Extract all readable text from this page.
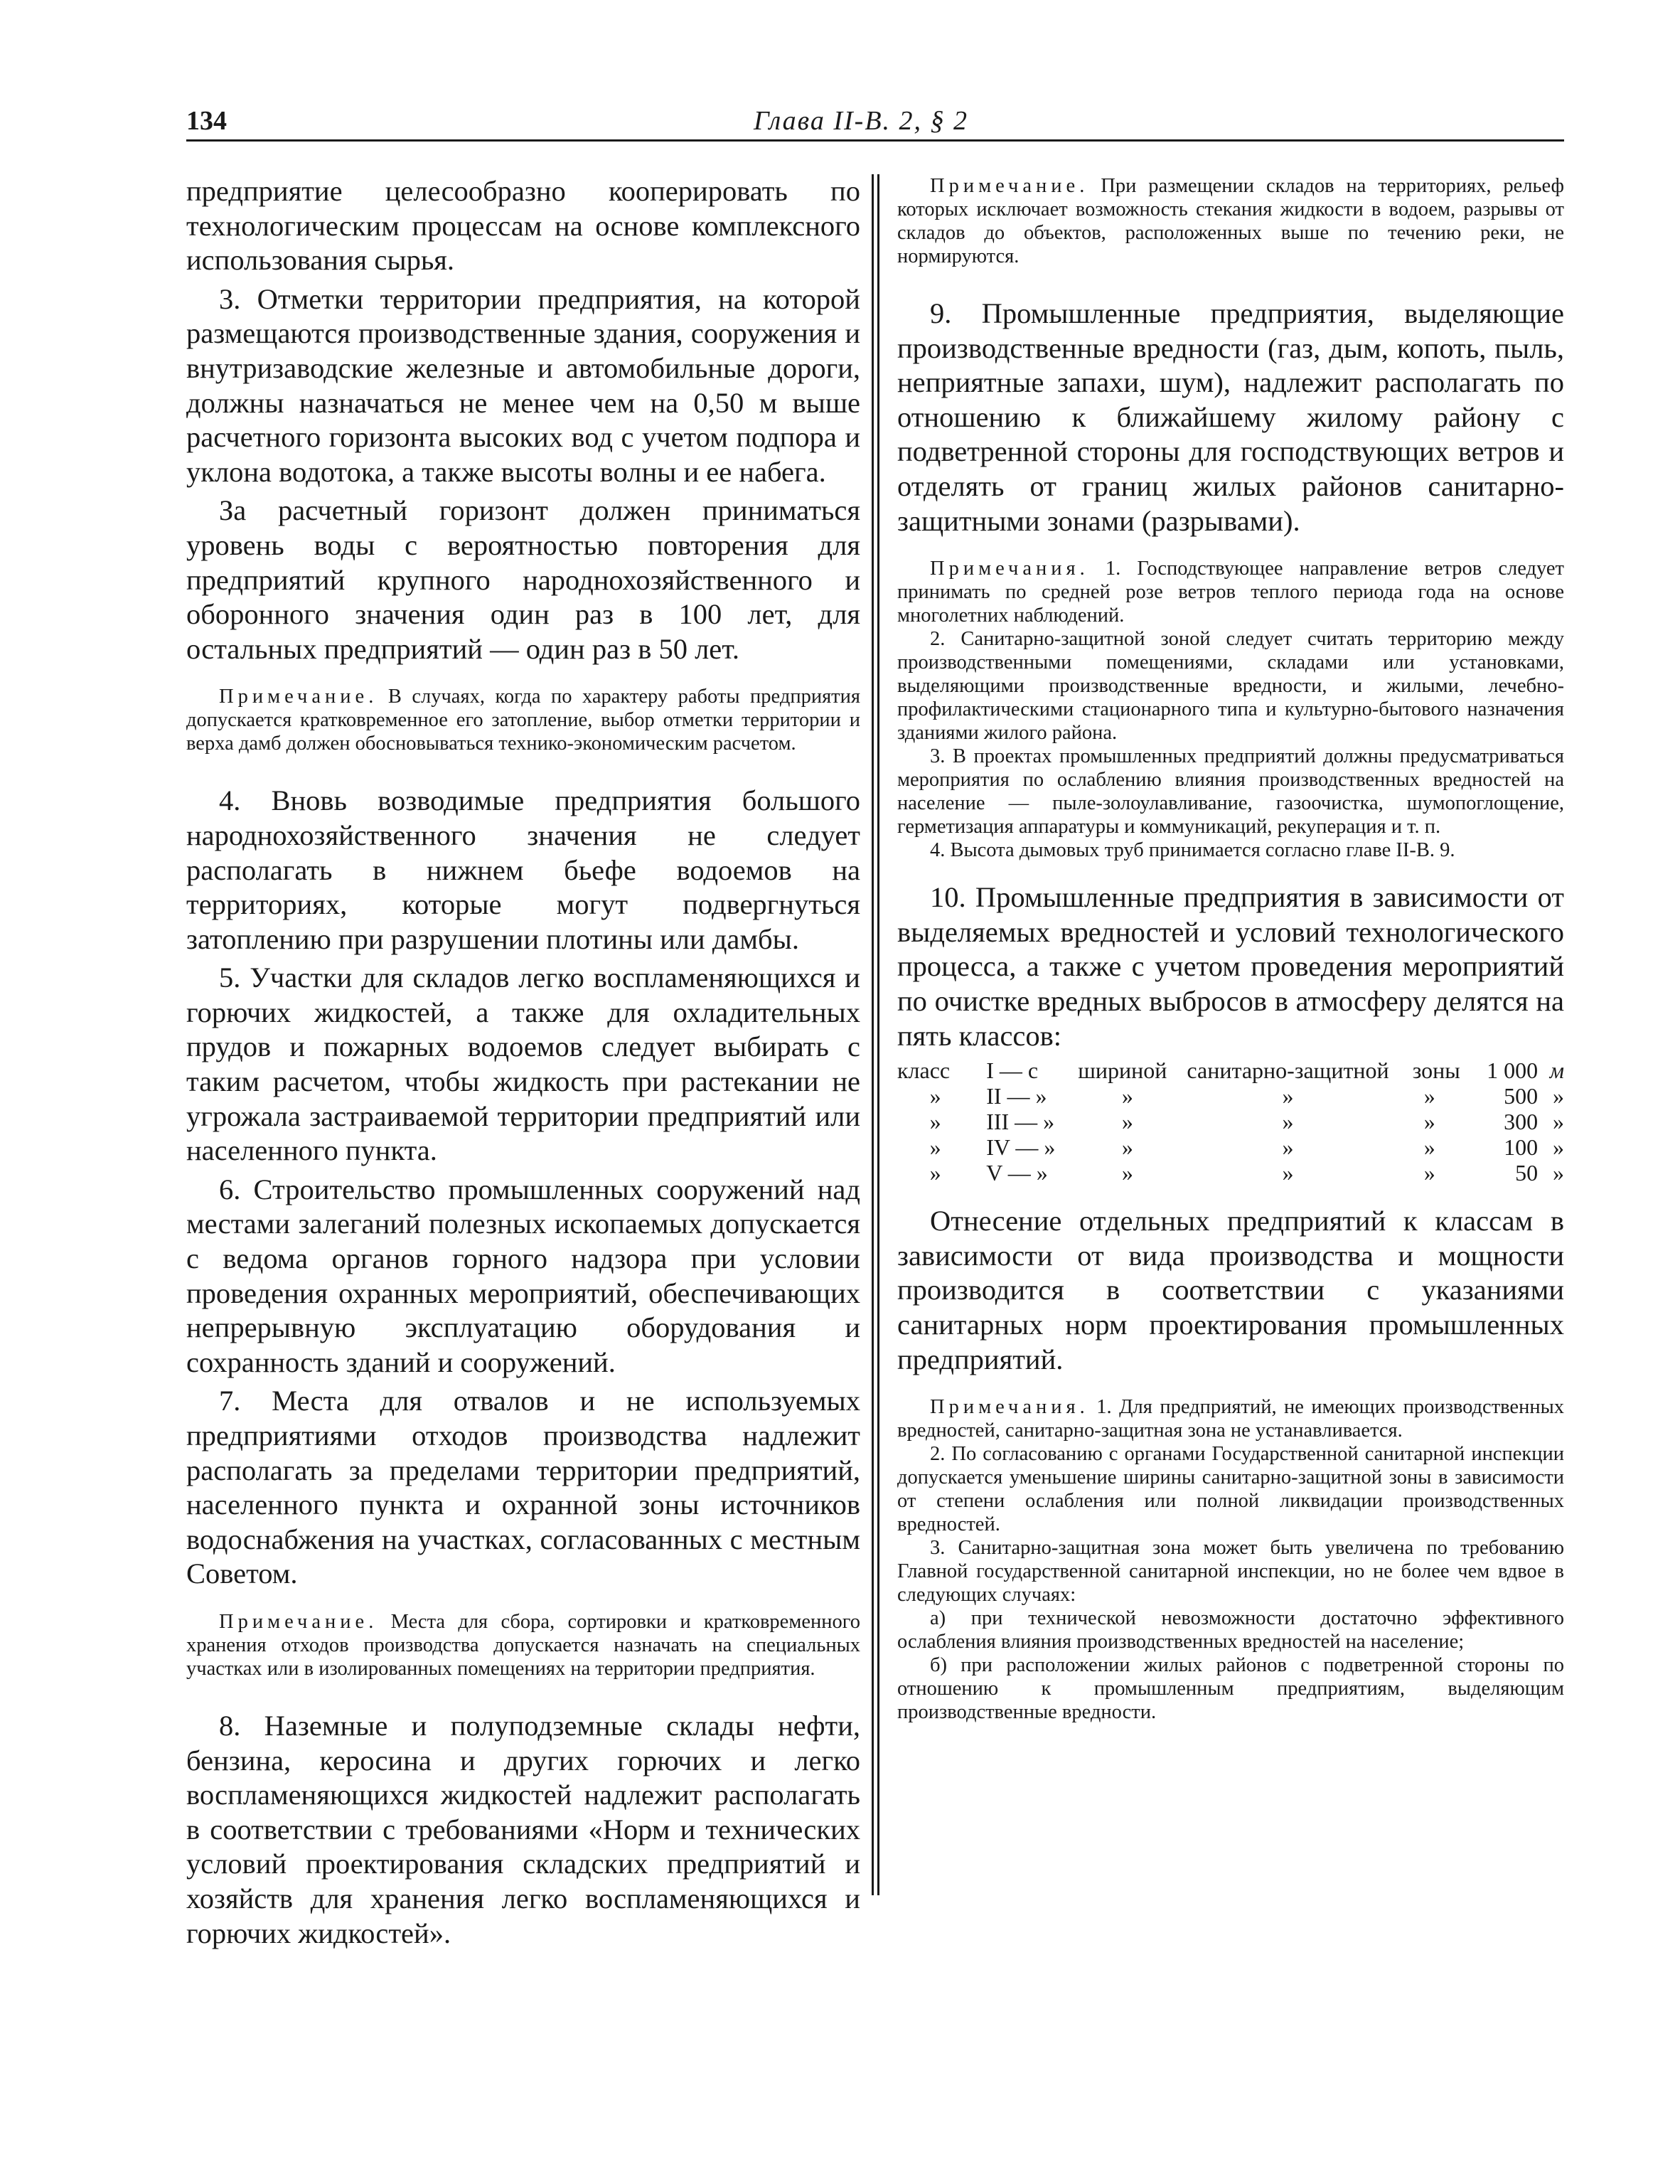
134	Глава II-В. 2, § 2

предприятие целесообразно кооперировать по технологическим процессам на основе комплексного использования сырья.

3. Отметки территории предприятия, на которой размещаются производственные здания, сооружения и внутризаводские железные и автомобильные дороги, должны назначаться не менее чем на 0,50 м выше расчетного горизонта высоких вод с учетом подпора и уклона водотока, а также высоты волны и ее набега.

За расчетный горизонт должен приниматься уровень воды с вероятностью повторения для предприятий крупного народнохозяйственного и оборонного значения один раз в 100 лет, для остальных предприятий — один раз в 50 лет.

Примечание. В случаях, когда по характеру работы предприятия допускается кратковременное его затопление, выбор отметки территории и верха дамб должен обосновываться технико-экономическим расчетом.

4. Вновь возводимые предприятия большого народнохозяйственного значения не следует располагать в нижнем бьефе водоемов на территориях, которые могут подвергнуться затоплению при разрушении плотины или дамбы.

5. Участки для складов легко воспламеняющихся и горючих жидкостей, а также для охладительных прудов и пожарных водоемов следует выбирать с таким расчетом, чтобы жидкость при растекании не угрожала застраиваемой территории предприятий или населенного пункта.

6. Строительство промышленных сооружений над местами залеганий полезных ископаемых допускается с ведома органов горного надзора при условии проведения охранных мероприятий, обеспечивающих непрерывную эксплуатацию оборудования и сохранность зданий и сооружений.

7. Места для отвалов и не используемых предприятиями отходов производства надлежит располагать за пределами территории предприятий, населенного пункта и охранной зоны источников водоснабжения на участках, согласованных с местным Советом.

Примечание. Места для сбора, сортировки и кратковременного хранения отходов производства допускается назначать на специальных участках или в изолированных помещениях на территории предприятия.

8. Наземные и полуподземные склады нефти, бензина, керосина и других горючих и легко воспламеняющихся жидкостей надлежит располагать в соответствии с требованиями «Норм и технических условий проектирования складских предприятий и хозяйств для хранения легко воспламеняющихся и горючих жидкостей».

Примечание. При размещении складов на территориях, рельеф которых исключает возможность стекания жидкости в водоем, разрывы от складов до объектов, расположенных выше по течению реки, не нормируются.

9. Промышленные предприятия, выделяющие производственные вредности (газ, дым, копоть, пыль, неприятные запахи, шум), надлежит располагать по отношению к ближайшему жилому району с подветренной стороны для господствующих ветров и отделять от границ жилых районов санитарно-защитными зонами (разрывами).

Примечания. 1. Господствующее направление ветров следует принимать по средней розе ветров теплого периода года на основе многолетних наблюдений.

2. Санитарно-защитной зоной следует считать территорию между производственными помещениями, складами или установками, выделяющими производственные вредности, и жилыми, лечебно-профилактическими стационарного типа и культурно-бытового назначения зданиями жилого района.

3. В проектах промышленных предприятий должны предусматриваться мероприятия по ослаблению влияния производственных вредностей на население — пыле-золоулавливание, газоочистка, шумопоглощение, герметизация аппаратуры и коммуникаций, рекуперация и т. п.

4. Высота дымовых труб принимается согласно главе II-В. 9.

10. Промышленные предприятия в зависимости от выделяемых вредностей и условий технологического процесса, а также с учетом проведения мероприятий по очистке вредных выбросов в атмосферу делятся на пять классов:

класс	I — с	шириной	санитарно-защитной	зоны	1 000	м
»	II — »	»	»	»	500	»
»	III — »	»	»	»	300	»
»	IV — »	»	»	»	100	»
»	V — »	»	»	»	50	»

Отнесение отдельных предприятий к классам в зависимости от вида производства и мощности производится в соответствии с указаниями санитарных норм проектирования промышленных предприятий.

Примечания. 1. Для предприятий, не имеющих производственных вредностей, санитарно-защитная зона не устанавливается.

2. По согласованию с органами Государственной санитарной инспекции допускается уменьшение ширины санитарно-защитной зоны в зависимости от степени ослабления или полной ликвидации производственных вредностей.

3. Санитарно-защитная зона может быть увеличена по требованию Главной государственной санитарной инспекции, но не более чем вдвое в следующих случаях:

а) при технической невозможности достаточно эффективного ослабления влияния производственных вредностей на население;

б) при расположении жилых районов с подветренной стороны по отношению к промышленным предприятиям, выделяющим производственные вредности.
